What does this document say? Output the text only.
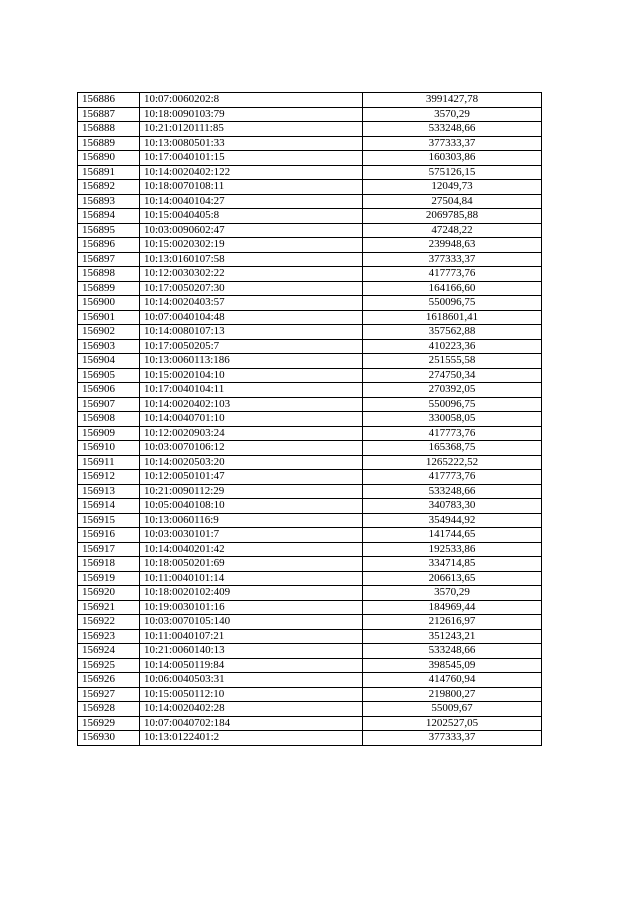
156886	10:07:0060202:8	3991427,78
156887	10:18:0090103:79	3570,29
156888	10:21:0120111:85	533248,66
156889	10:13:0080501:33	377333,37
156890	10:17:0040101:15	160303,86
156891	10:14:0020402:122	575126,15
156892	10:18:0070108:11	12049,73
156893	10:14:0040104:27	27504,84
156894	10:15:0040405:8	2069785,88
156895	10:03:0090602:47	47248,22
156896	10:15:0020302:19	239948,63
156897	10:13:0160107:58	377333,37
156898	10:12:0030302:22	417773,76
156899	10:17:0050207:30	164166,60
156900	10:14:0020403:57	550096,75
156901	10:07:0040104:48	1618601,41
156902	10:14:0080107:13	357562,88
156903	10:17:0050205:7	410223,36
156904	10:13:0060113:186	251555,58
156905	10:15:0020104:10	274750,34
156906	10:17:0040104:11	270392,05
156907	10:14:0020402:103	550096,75
156908	10:14:0040701:10	330058,05
156909	10:12:0020903:24	417773,76
156910	10:03:0070106:12	165368,75
156911	10:14:0020503:20	1265222,52
156912	10:12:0050101:47	417773,76
156913	10:21:0090112:29	533248,66
156914	10:05:0040108:10	340783,30
156915	10:13:0060116:9	354944,92
156916	10:03:0030101:7	141744,65
156917	10:14:0040201:42	192533,86
156918	10:18:0050201:69	334714,85
156919	10:11:0040101:14	206613,65
156920	10:18:0020102:409	3570,29
156921	10:19:0030101:16	184969,44
156922	10:03:0070105:140	212616,97
156923	10:11:0040107:21	351243,21
156924	10:21:0060140:13	533248,66
156925	10:14:0050119:84	398545,09
156926	10:06:0040503:31	414760,94
156927	10:15:0050112:10	219800,27
156928	10:14:0020402:28	55009,67
156929	10:07:0040702:184	1202527,05
156930	10:13:0122401:2	377333,37
